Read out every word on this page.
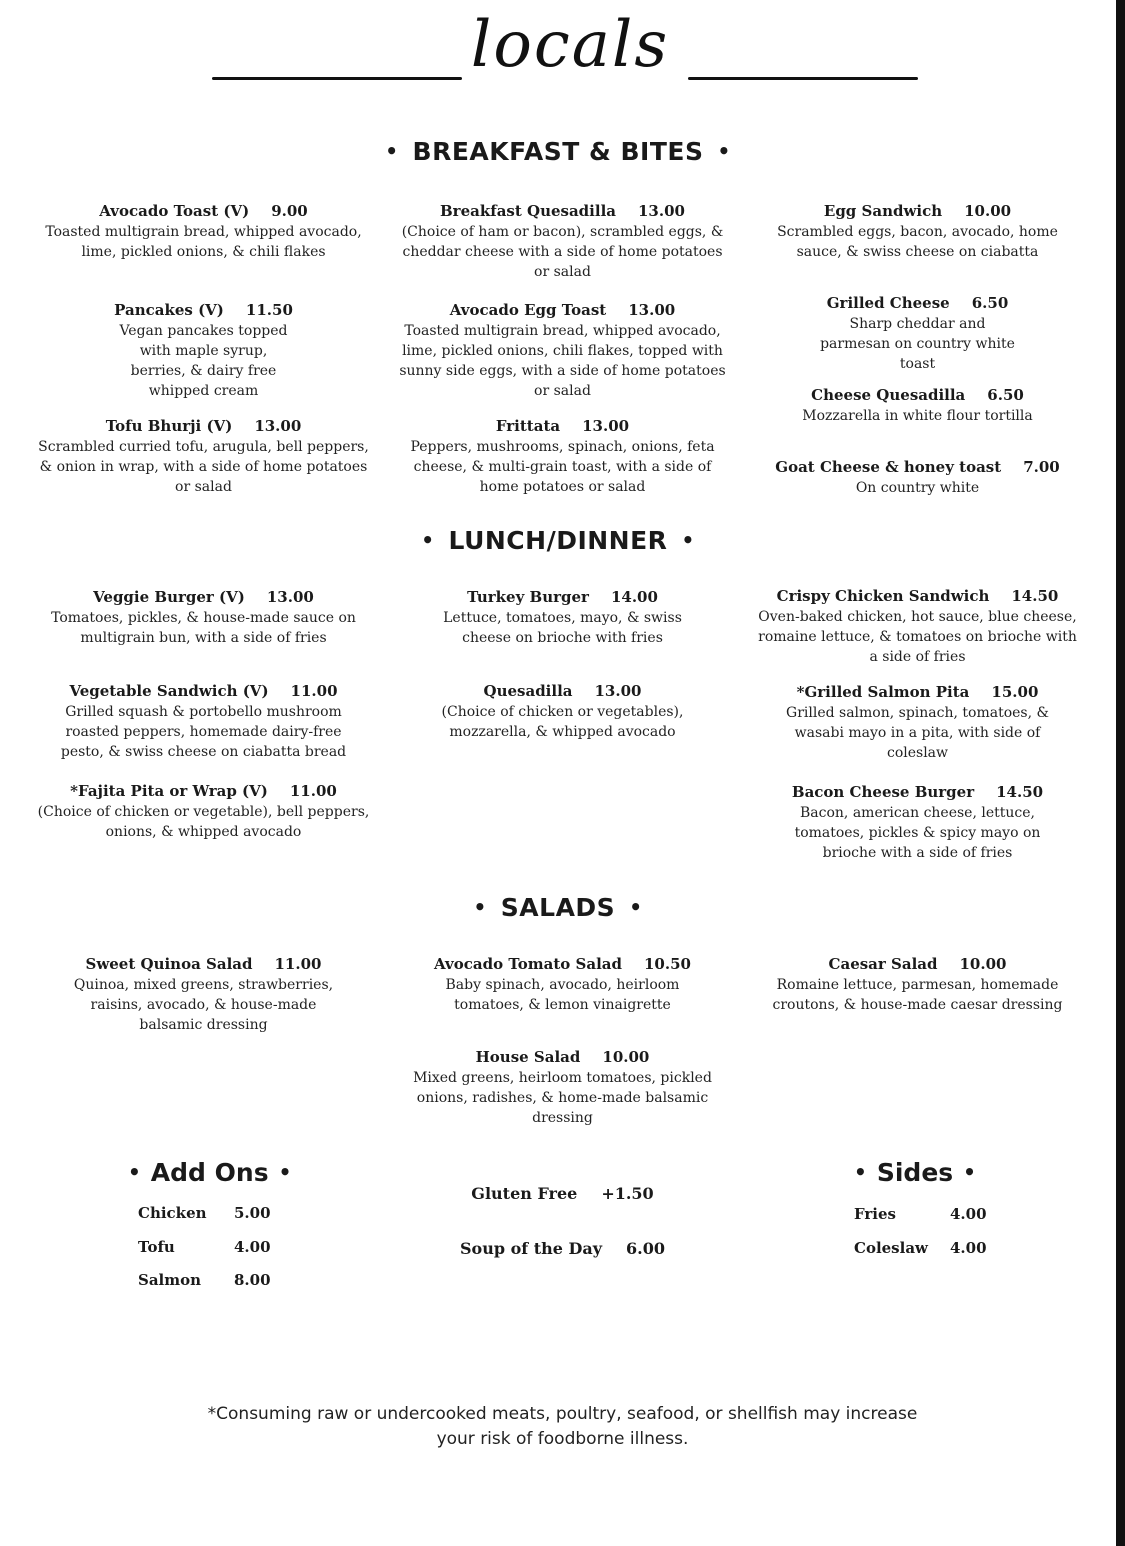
locals
• BREAKFAST & BITES •
Avocado Toast (V) 9.00
Toasted multigrain bread, whipped avocado, lime, pickled onions, & chili flakes
Pancakes (V) 11.50
Vegan pancakes topped with maple syrup, berries, & dairy free whipped cream
Tofu Bhurji (V) 13.00
Scrambled curried tofu, arugula, bell peppers, & onion in wrap, with a side of home potatoes or salad
Breakfast Quesadilla 13.00
(Choice of ham or bacon), scrambled eggs, & cheddar cheese with a side of home potatoes or salad
Avocado Egg Toast 13.00
Toasted multigrain bread, whipped avocado, lime, pickled onions, chili flakes, topped with sunny side eggs, with a side of home potatoes or salad
Frittata 13.00
Peppers, mushrooms, spinach, onions, feta cheese, & multi-grain toast, with a side of home potatoes or salad
Egg Sandwich 10.00
Scrambled eggs, bacon, avocado, home sauce, & swiss cheese on ciabatta
Grilled Cheese 6.50
Sharp cheddar and parmesan on country white toast
Cheese Quesadilla 6.50
Mozzarella in white flour tortilla
Goat Cheese & honey toast 7.00
On country white
• LUNCH/DINNER •
Veggie Burger (V) 13.00
Tomatoes, pickles, & house-made sauce on multigrain bun, with a side of fries
Vegetable Sandwich (V) 11.00
Grilled squash & portobello mushroom roasted peppers, homemade dairy-free pesto, & swiss cheese on ciabatta bread
*Fajita Pita or Wrap (V) 11.00
(Choice of chicken or vegetable), bell peppers, onions, & whipped avocado
Turkey Burger 14.00
Lettuce, tomatoes, mayo, & swiss cheese on brioche with fries
Quesadilla 13.00
(Choice of chicken or vegetables), mozzarella, & whipped avocado
Crispy Chicken Sandwich 14.50
Oven-baked chicken, hot sauce, blue cheese, romaine lettuce, & tomatoes on brioche with a side of fries
*Grilled Salmon Pita 15.00
Grilled salmon, spinach, tomatoes, & wasabi mayo in a pita, with side of coleslaw
Bacon Cheese Burger 14.50
Bacon, american cheese, lettuce, tomatoes, pickles & spicy mayo on brioche with a side of fries
• SALADS •
Sweet Quinoa Salad 11.00
Quinoa, mixed greens, strawberries, raisins, avocado, & house-made balsamic dressing
Avocado Tomato Salad 10.50
Baby spinach, avocado, heirloom tomatoes, & lemon vinaigrette
House Salad 10.00
Mixed greens, heirloom tomatoes, pickled onions, radishes, & home-made balsamic dressing
Caesar Salad 10.00
Romaine lettuce, parmesan, homemade croutons, & house-made caesar dressing
• Add Ons •
Chicken 5.00
Tofu	4.00
Salmon 8.00
Gluten Free +1.50
Soup of the Day 6.00
• Sides •
Fries	4.00
Coleslaw 4.00
*Consuming raw or undercooked meats, poultry, seafood, or shellfish may increase your risk of foodborne illness.
